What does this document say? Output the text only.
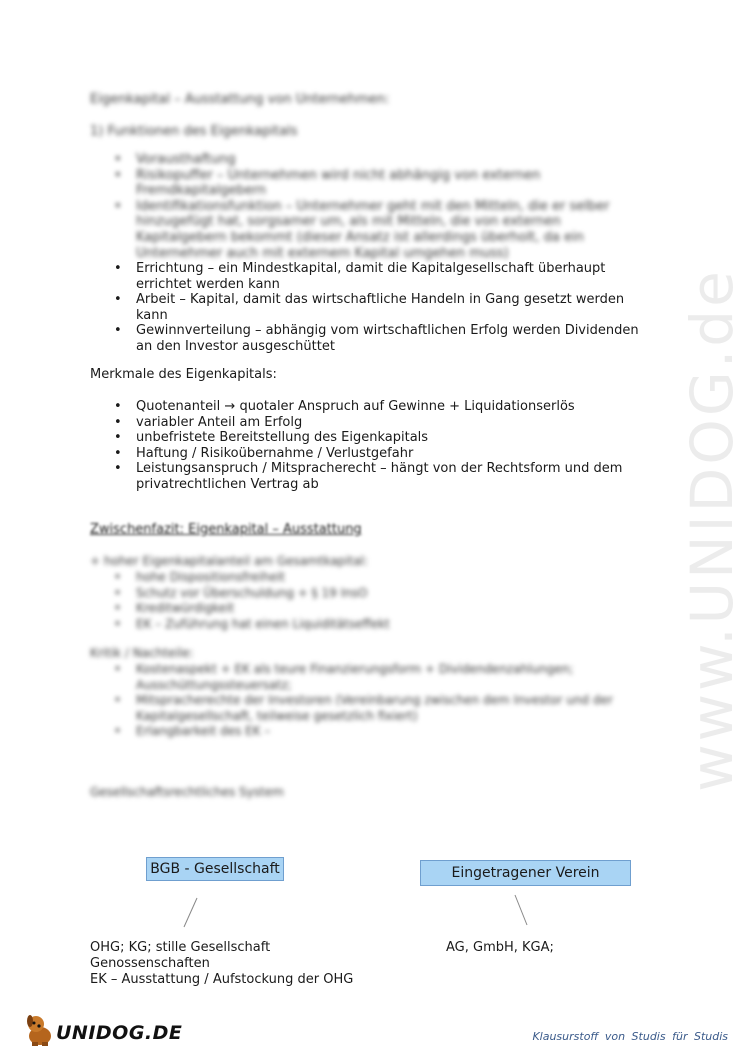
www.UNIDOG.de
Eigenkapital – Ausstattung von Unternehmen:
1) Funktionen des Eigenkapitals
• Vorausthaftung
• Risikopuffer – Unternehmen wird nicht abhängig von externen Fremdkapitalgebern
• Identifikationsfunktion – Unternehmer geht mit den Mitteln, die er selber hinzugefügt hat, sorgsamer um, als mit Mitteln, die von externen Kapitalgebern bekommt (dieser Ansatz ist allerdings überholt, da ein Unternehmer auch mit externem Kapital umgehen muss)
• Errichtung – ein Mindestkapital, damit die Kapitalgesellschaft überhaupt errichtet werden kann
• Arbeit – Kapital, damit das wirtschaftliche Handeln in Gang gesetzt werden kann
• Gewinnverteilung – abhängig vom wirtschaftlichen Erfolg werden Dividenden an den Investor ausgeschüttet
Merkmale des Eigenkapitals:
• Quotenanteil → quotaler Anspruch auf Gewinne + Liquidationserlös
• variabler Anteil am Erfolg
• unbefristete Bereitstellung des Eigenkapitals
• Haftung / Risikoübernahme / Verlustgefahr
• Leistungsanspruch / Mitspracherecht – hängt von der Rechtsform und dem privatrechtlichen Vertrag ab
Zwischenfazit: Eigenkapital – Ausstattung
+ hoher Eigenkapitalanteil am Gesamtkapital:
• hohe Dispositionsfreiheit
• Schutz vor Überschuldung + § 19 InsO
• Kreditwürdigkeit
• EK – Zuführung hat einen Liquiditätseffekt
Kritik / Nachteile:
• Kostenaspekt + EK als teure Finanzierungsform + Dividendenzahlungen; Ausschüttungssteuersatz;
• Mitspracherechte der Investoren (Vereinbarung zwischen dem Investor und der Kapitalgesellschaft, teilweise gesetzlich fixiert)
• Erlangbarkeit des EK –
Gesellschaftsrechtliches System
BGB - Gesellschaft	Eingetragener Verein
OHG; KG; stille Gesellschaft
Genossenschaften
EK – Ausstattung / Aufstockung der OHG
AG, GmbH, KGA;
UNIDOG.DE	Klausurstoff von Studis für Studis
